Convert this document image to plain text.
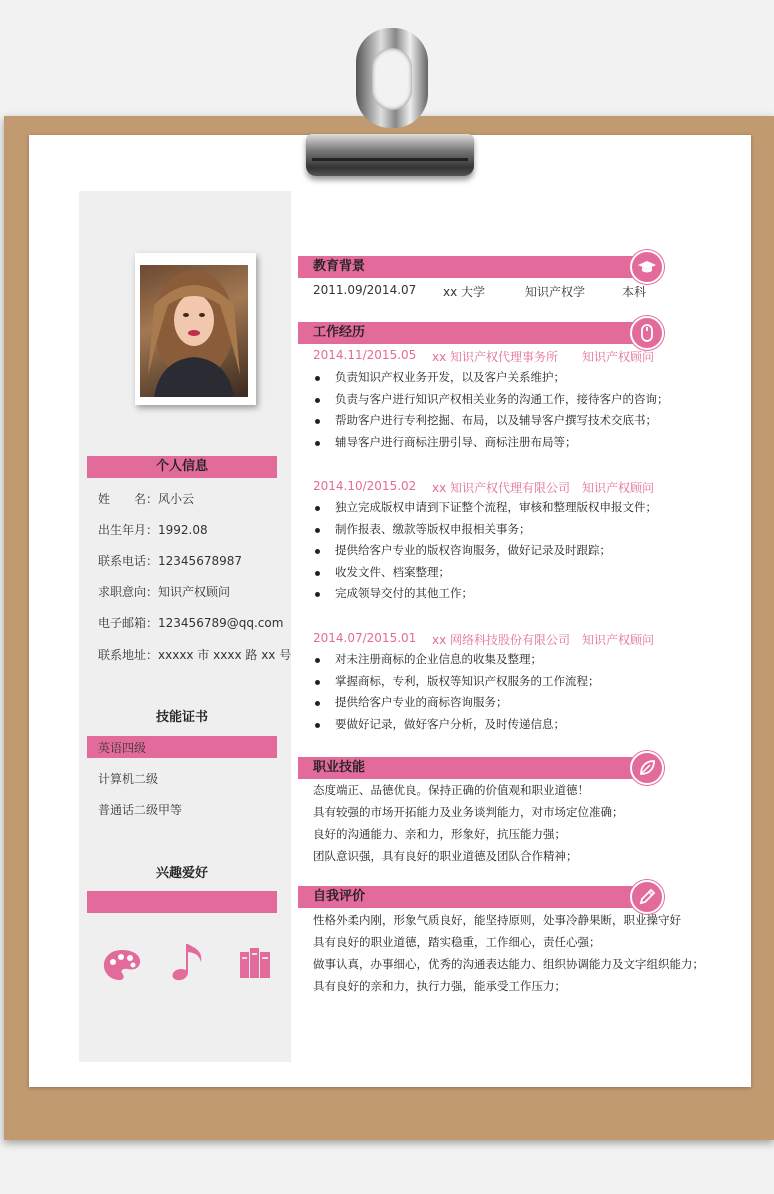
个人信息
姓　　名：风小云
出生年月：1992.08
联系电话：12345678987
求职意向：知识产权顾问
电子邮箱：123456789@qq.com
联系地址：xxxxx 市 xxxx 路 xx 号
技能证书
英语四级
计算机二级
普通话二级甲等
兴趣爱好
教育背景
2011.09/2014.07 xx 大学	知识产权学	本科
工作经历
2014.11/2015.05 xx 知识产权代理事务所 知识产权顾问
负责知识产权业务开发，以及客户关系维护；
负责与客户进行知识产权相关业务的沟通工作，接待客户的咨询；
帮助客户进行专利挖掘、布局，以及辅导客户撰写技术交底书；
辅导客户进行商标注册引导、商标注册布局等；
2014.10/2015.02 xx 知识产权代理有限公司 知识产权顾问
独立完成版权申请到下证整个流程，审核和整理版权申报文件；
制作报表、缴款等版权申报相关事务；
提供给客户专业的版权咨询服务，做好记录及时跟踪；
收发文件、档案整理；
完成领导交付的其他工作；
2014.07/2015.01 xx 网络科技股份有限公司 知识产权顾问
对未注册商标的企业信息的收集及整理；
掌握商标，专利，版权等知识产权服务的工作流程；
提供给客户专业的商标咨询服务；
要做好记录，做好客户分析，及时传递信息；
职业技能
态度端正、品德优良。保持正确的价值观和职业道德！
具有较强的市场开拓能力及业务谈判能力，对市场定位准确；
良好的沟通能力、亲和力，形象好，抗压能力强；
团队意识强，具有良好的职业道德及团队合作精神；
自我评价
性格外柔内刚，形象气质良好，能坚持原则，处事冷静果断，职业操守好
具有良好的职业道德，踏实稳重，工作细心，责任心强；
做事认真，办事细心，优秀的沟通表达能力、组织协调能力及文字组织能力；
具有良好的亲和力，执行力强，能承受工作压力；
